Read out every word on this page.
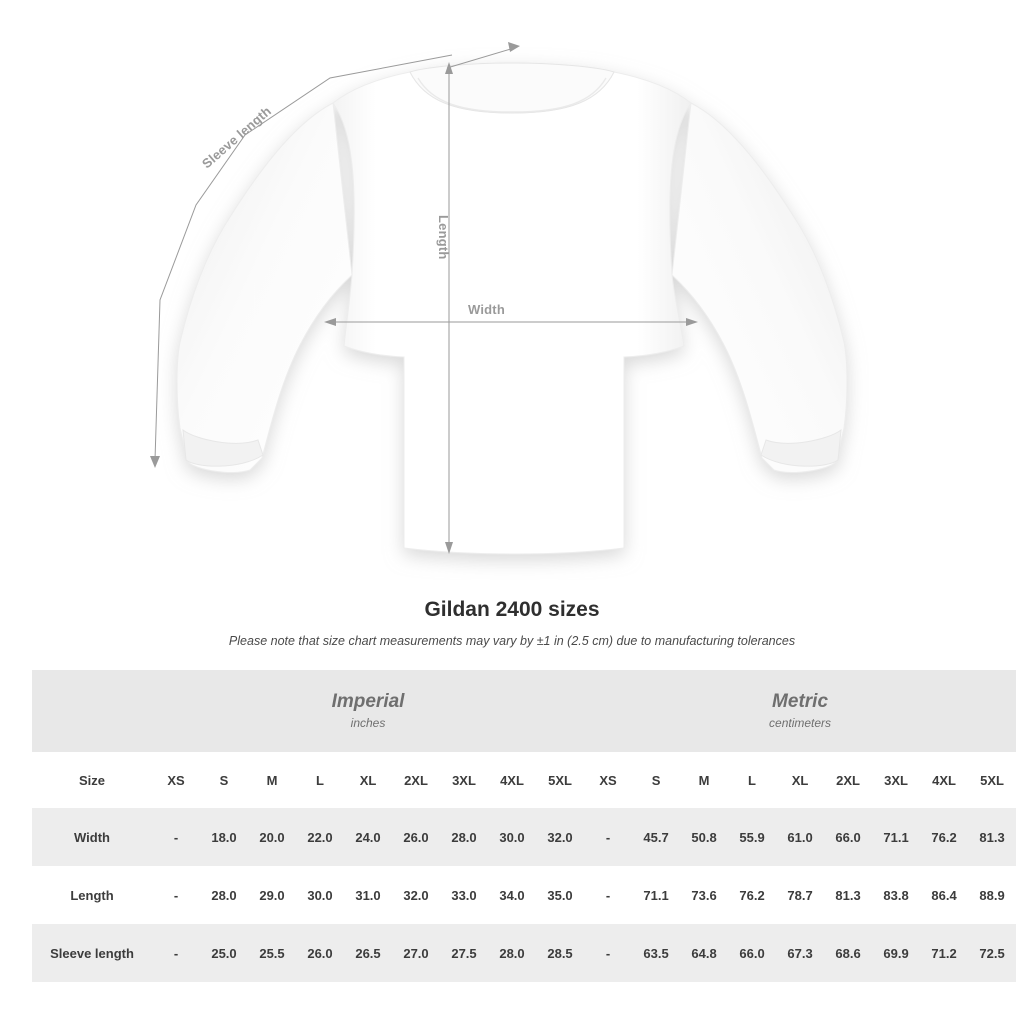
Length
Width
Sleeve length
Gildan 2400 sizes
Please note that size chart measurements may vary by ±1 in (2.5 cm) due to manufacturing tolerances

Imperial
inches

Metric
centimeters

Size	XS	S	M	L	XL	2XL	3XL	4XL	5XL	XS	S	M	L	XL	2XL	3XL	4XL	5XL
Width	-	18.0	20.0	22.0	24.0	26.0	28.0	30.0	32.0	-	45.7	50.8	55.9	61.0	66.0	71.1	76.2	81.3
Length	-	28.0	29.0	30.0	31.0	32.0	33.0	34.0	35.0	-	71.1	73.6	76.2	78.7	81.3	83.8	86.4	88.9
Sleeve length	-	25.0	25.5	26.0	26.5	27.0	27.5	28.0	28.5	-	63.5	64.8	66.0	67.3	68.6	69.9	71.2	72.5
